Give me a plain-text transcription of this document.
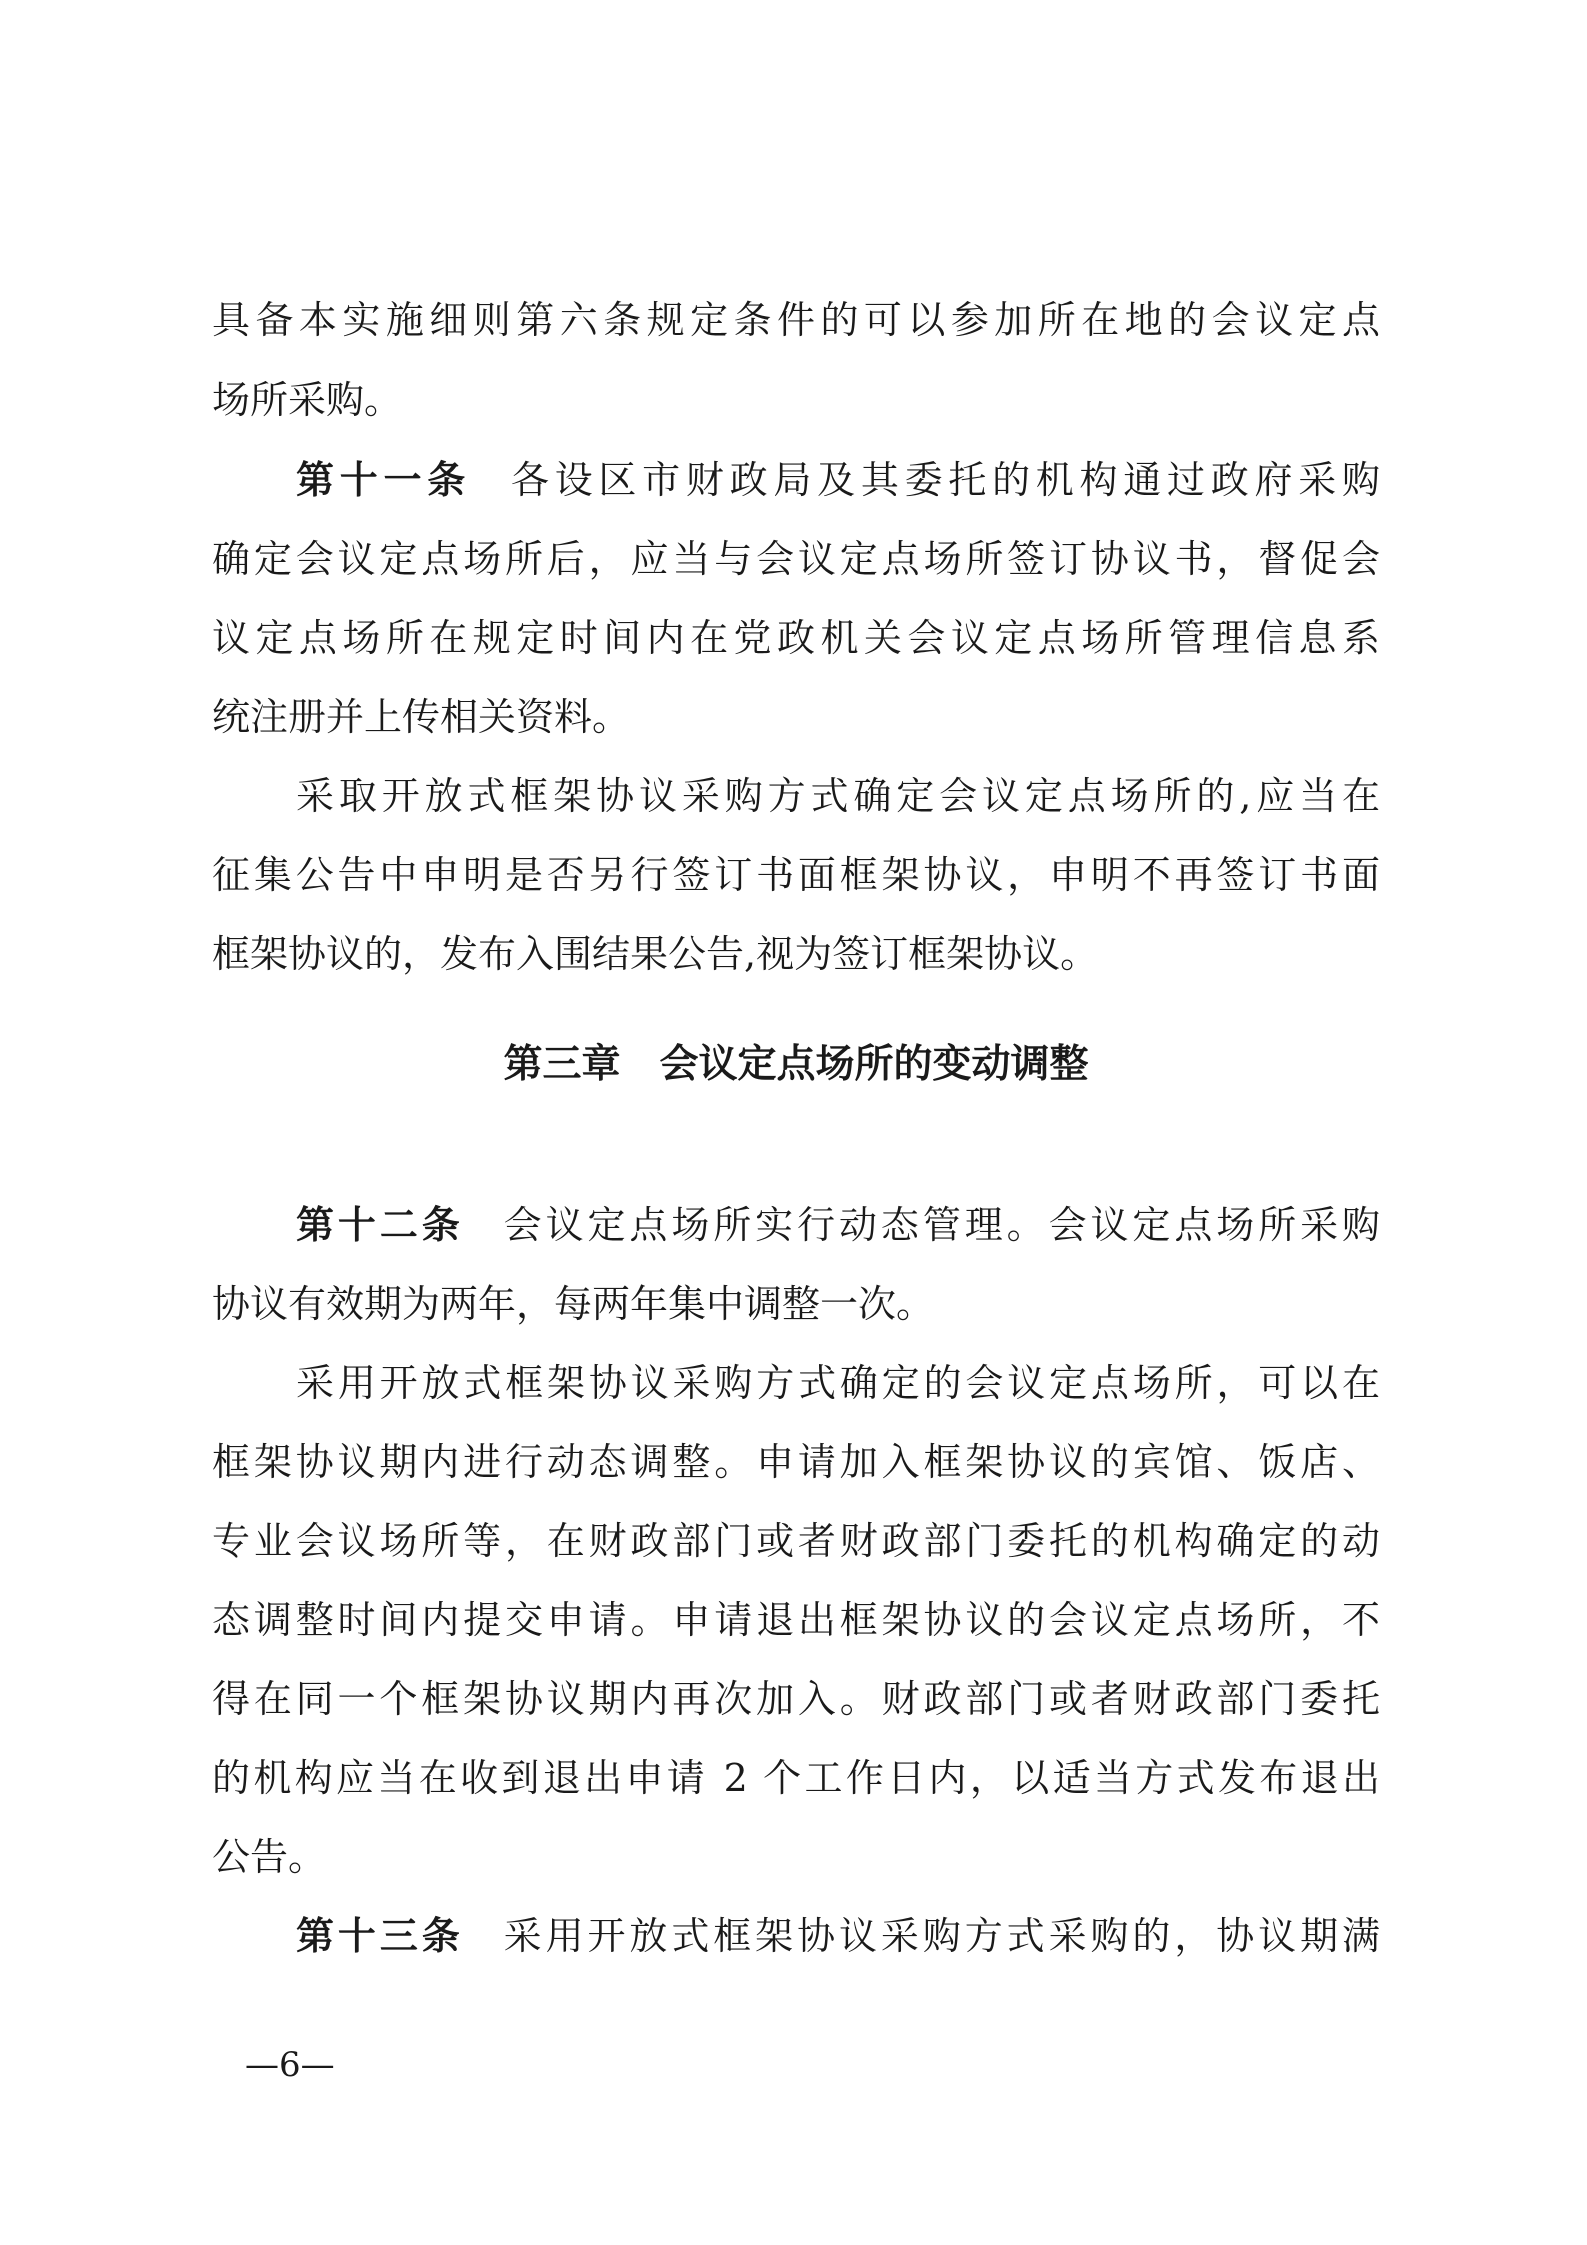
具备本实施细则第六条规定条件的可以参加所在地的会议定点
场所采购。
第十一条 各设区市财政局及其委托的机构通过政府采购
确定会议定点场所后，应当与会议定点场所签订协议书，督促会
议定点场所在规定时间内在党政机关会议定点场所管理信息系
统注册并上传相关资料。
采取开放式框架协议采购方式确定会议定点场所的,应当在
征集公告中申明是否另行签订书面框架协议，申明不再签订书面
框架协议的，发布入围结果公告,视为签订框架协议。
第三章　会议定点场所的变动调整
第十二条 会议定点场所实行动态管理。会议定点场所采购
协议有效期为两年，每两年集中调整一次。
采用开放式框架协议采购方式确定的会议定点场所，可以在
框架协议期内进行动态调整。申请加入框架协议的宾馆、饭店、
专业会议场所等，在财政部门或者财政部门委托的机构确定的动
态调整时间内提交申请。申请退出框架协议的会议定点场所，不
得在同一个框架协议期内再次加入。财政部门或者财政部门委托
的机构应当在收到退出申请 2 个工作日内，以适当方式发布退出
公告。
第十三条 采用开放式框架协议采购方式采购的，协议期满
—6—
